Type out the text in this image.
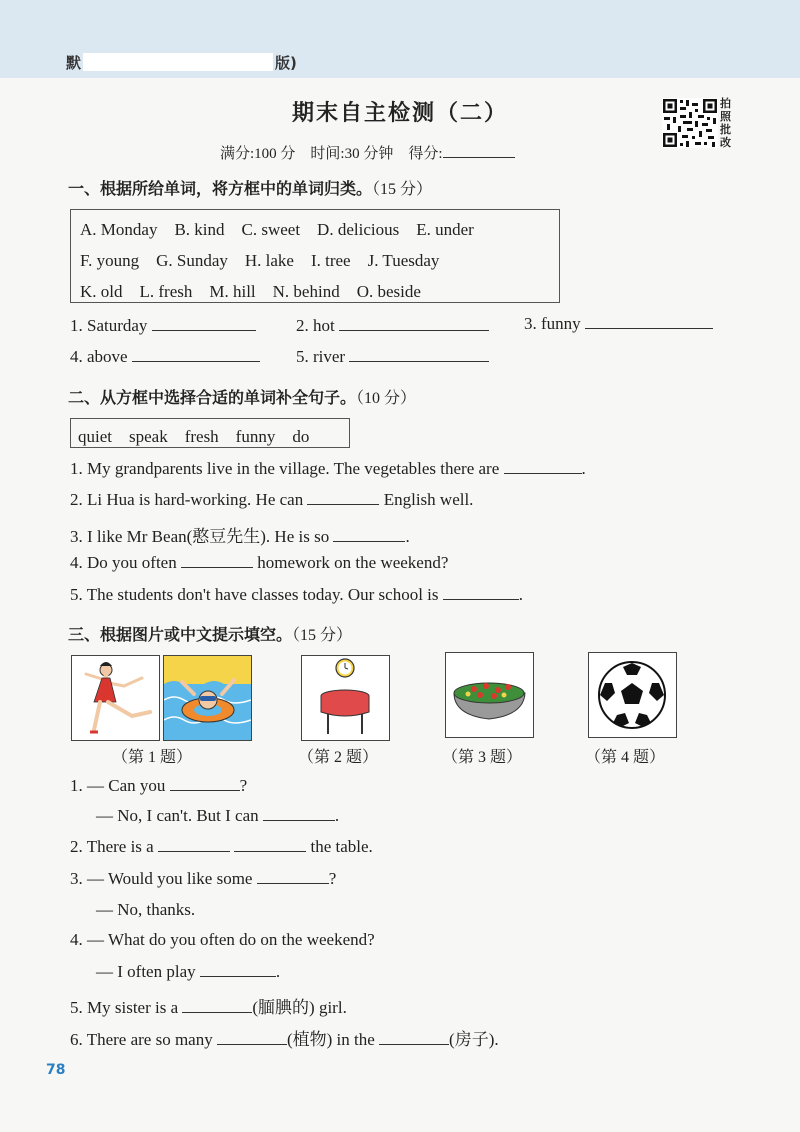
默	版)
期末自主检测（二）
满分:100 分　时间:30 分钟　得分:
拍
照
批
改
一、根据所给单词，将方框中的单词归类。（15 分）
A. Monday　B. kind　C. sweet　D. delicious　E. under
F. young　G. Sunday　H. lake　I. tree　J. Tuesday
K. old　L. fresh　M. hill　N. behind　O. beside
1. Saturday	2. hot	3. funny
4. above	5. river
二、从方框中选择合适的单词补全句子。（10 分）
quiet　speak　fresh　funny　do
1. My grandparents live in the village. The vegetables there are	.
2. Li Hua is hard-working. He can	English well.
3. I like Mr Bean(憨豆先生). He is so	.
4. Do you often	homework on the weekend?
5. The students don't have classes today. Our school is	.
三、根据图片或中文提示填空。（15 分）
（第 1 题）	（第 2 题）	（第 3 题）	（第 4 题）
1. — Can you	?
— No, I can't. But I can	.
2. There is a	the table.
3. — Would you like some	?
— No, thanks.
4. — What do you often do on the weekend?
— I often play	.
5. My sister is a	(腼腆的) girl.
6. There are so many	(植物) in the	(房子).
78
